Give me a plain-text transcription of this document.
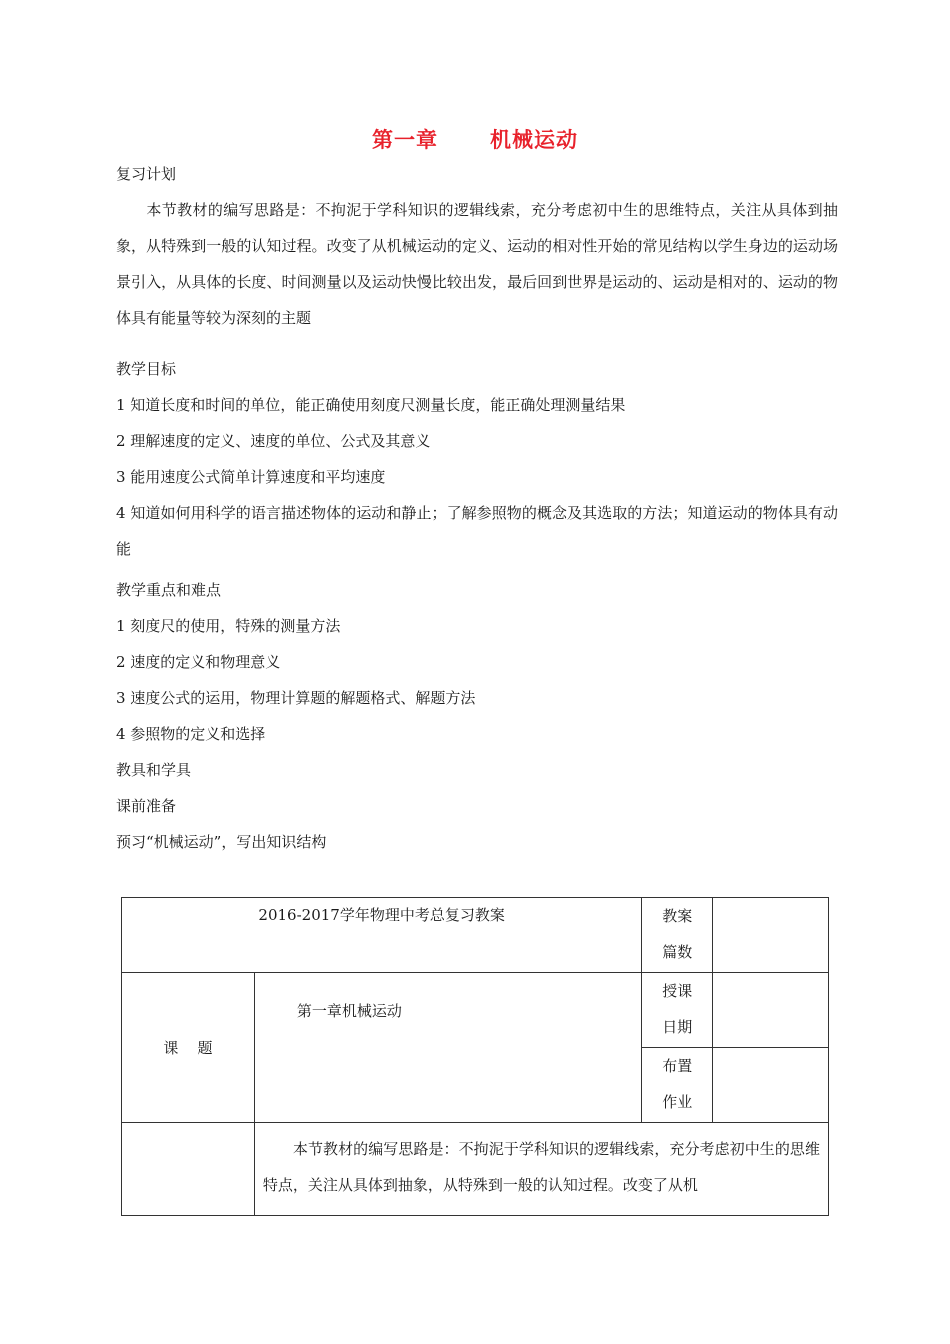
第一章 机械运动
复习计划
本节教材的编写思路是：不拘泥于学科知识的逻辑线索，充分考虑初中生的思维特点，关注从具体到抽象，从特殊到一般的认知过程。改变了从机械运动的定义、运动的相对性开始的常见结构以学生身边的运动场景引入，从具体的长度、时间测量以及运动快慢比较出发，最后回到世界是运动的、运动是相对的、运动的物体具有能量等较为深刻的主题
教学目标
1 知道长度和时间的单位，能正确使用刻度尺测量长度，能正确处理测量结果
2 理解速度的定义、速度的单位、公式及其意义
3 能用速度公式简单计算速度和平均速度
4 知道如何用科学的语言描述物体的运动和静止；了解参照物的概念及其选取的方法；知道运动的物体具有动能
教学重点和难点
1 刻度尺的使用，特殊的测量方法
2 速度的定义和物理意义
3 速度公式的运用，物理计算题的解题格式、解题方法
4 参照物的定义和选择
教具和学具
课前准备
预习“机械运动”，写出知识结构
2016-2017学年物理中考总复习教案		教案篇数	

课    题	第一章机械运动	授课日期	

		布置作业	

	本节教材的编写思路是：不拘泥于学科知识的逻辑线索，充分考虑初中生的思维特点，关注从具体到抽象，从特殊到一般的认知过程。改变了从机		
